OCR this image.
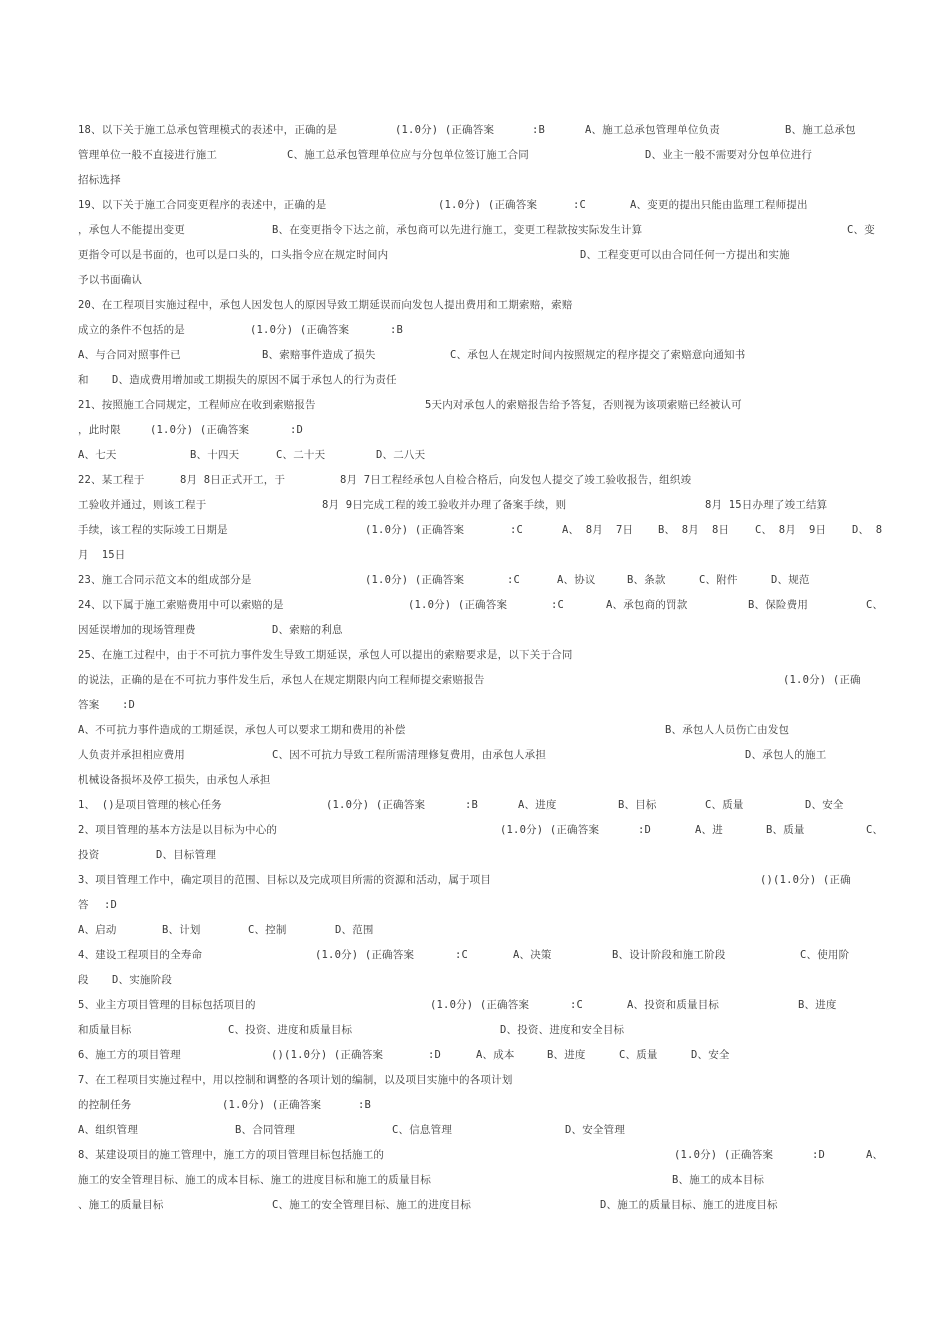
18、以下关于施工总承包管理模式的表述中，正确的是	(1.0分) (正确答案	:B	A、施工总承包管理单位负责	B、施工总承包
管理单位一般不直接进行施工	C、施工总承包管理单位应与分包单位签订施工合同	D、业主一般不需要对分包单位进行
招标选择
19、以下关于施工合同变更程序的表述中，正确的是	(1.0分) (正确答案	:C	A、变更的提出只能由监理工程师提出
，承包人不能提出变更	B、在变更指令下达之前，承包商可以先进行施工，变更工程款按实际发生计算	C、变
更指令可以是书面的，也可以是口头的，口头指令应在规定时间内	D、工程变更可以由合同任何一方提出和实施
予以书面确认
20、在工程项目实施过程中，承包人因发包人的原因导致工期延误而向发包人提出费用和工期索赔，索赔
成立的条件不包括的是	(1.0分) (正确答案	:B
A、与合同对照事件已	B、索赔事件造成了损失	C、承包人在规定时间内按照规定的程序提交了索赔意向通知书
和 D、造成费用增加或工期损失的原因不属于承包人的行为责任
21、按照施工合同规定，工程师应在收到索赔报告	5天内对承包人的索赔报告给予答复，否则视为该项索赔已经被认可
，此时限	(1.0分) (正确答案	:D
A、七天	B、十四天	C、二十天	D、二八天
22、某工程于	8月 8日正式开工，于	8月 7日工程经承包人自检合格后，向发包人提交了竣工验收报告，组织竣
工验收并通过，则该工程于	8月 9日完成工程的竣工验收并办理了备案手续，则	8月 15日办理了竣工结算
手续，该工程的实际竣工日期是	(1.0分) (正确答案	:C	A、 8月  7日 B、 8月  8日 C、 8月  9日 D、 8
月  15日
23、施工合同示范文本的组成部分是	(1.0分) (正确答案	:C	A、协议	B、条款	C、附件	D、规范
24、以下属于施工索赔费用中可以索赔的是	(1.0分) (正确答案	:C	A、承包商的罚款	B、保险费用	C、
因延误增加的现场管理费	D、索赔的利息
25、在施工过程中，由于不可抗力事件发生导致工期延误，承包人可以提出的索赔要求是，以下关于合同
的说法，正确的是在不可抗力事件发生后，承包人在规定期限内向工程师提交索赔报告	(1.0分) (正确
答案 :D
A、不可抗力事件造成的工期延误，承包人可以要求工期和费用的补偿	B、承包人人员伤亡由发包
人负责并承担相应费用	C、因不可抗力导致工程所需清理修复费用，由承包人承担	D、承包人的施工
机械设备损坏及停工损失，由承包人承担
1、 ()是项目管理的核心任务	(1.0分) (正确答案	:B	A、进度	B、目标	C、质量	D、安全
2、项目管理的基本方法是以目标为中心的	(1.0分) (正确答案	:D	A、进	B、质量	C、
投资	D、目标管理
3、项目管理工作中，确定项目的范围、目标以及完成项目所需的资源和活动，属于项目	()(1.0分) (正确
答 :D
A、启动	B、计划	C、控制	D、范围
4、建设工程项目的全寿命	(1.0分) (正确答案	:C	A、决策	B、设计阶段和施工阶段	C、使用阶
段 D、实施阶段
5、业主方项目管理的目标包括项目的	(1.0分) (正确答案	:C	A、投资和质量目标	B、进度
和质量目标	C、投资、进度和质量目标	D、投资、进度和安全目标
6、施工方的项目管理	()(1.0分) (正确答案	:D	A、成本	B、进度	C、质量	D、安全
7、在工程项目实施过程中，用以控制和调整的各项计划的编制，以及项目实施中的各项计划
的控制任务	(1.0分) (正确答案	:B
A、组织管理	B、合同管理	C、信息管理	D、安全管理
8、某建设项目的施工管理中，施工方的项目管理目标包括施工的	(1.0分) (正确答案	:D	A、
施工的安全管理目标、施工的成本目标、施工的进度目标和施工的质量目标	B、施工的成本目标
、施工的质量目标	C、施工的安全管理目标、施工的进度目标	D、施工的质量目标、施工的进度目标
